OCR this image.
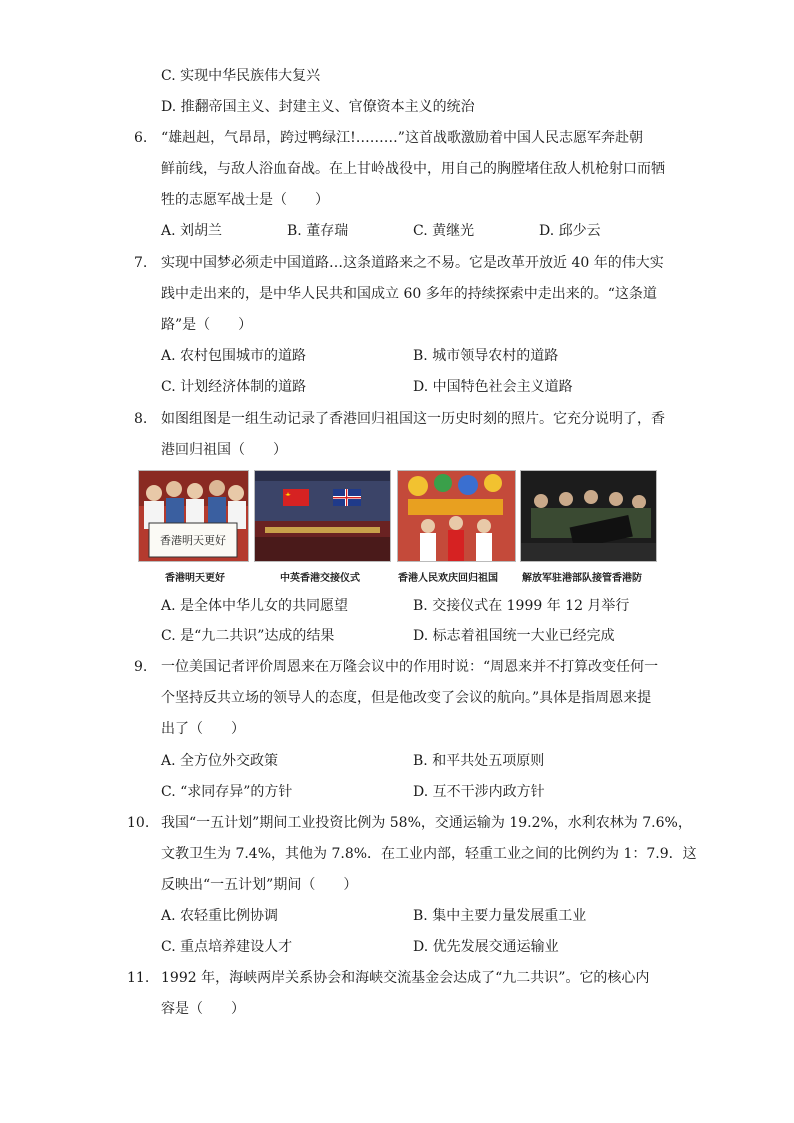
C. 实现中华民族伟大复兴
D. 推翻帝国主义、封建主义、官僚资本主义的统治
6. “雄赳赳，气昂昂，跨过鸭绿江!………”这首战歌激励着中国人民志愿军奔赴朝
鲜前线，与敌人浴血奋战。在上甘岭战役中，用自己的胸膛堵住敌人机枪射口而牺
牲的志愿军战士是（　　）
A. 刘胡兰	B. 董存瑞	C. 黄继光	D. 邱少云
7. 实现中国梦必须走中国道路…这条道路来之不易。它是改革开放近 40 年的伟大实
践中走出来的，是中华人民共和国成立 60 多年的持续探索中走出来的。“这条道
路”是（　　）
A. 农村包围城市的道路	B. 城市领导农村的道路
C. 计划经济体制的道路	D. 中国特色社会主义道路
8. 如图组图是一组生动记录了香港回归祖国这一历史时刻的照片。它充分说明了，香
港回归祖国（　　）
香港明天更好
香港明天更好	中英香港交接仪式	香港人民欢庆回归祖国 解放军驻港部队接管香港防
A. 是全体中华儿女的共同愿望	B. 交接仪式在 1999 年 12 月举行
C. 是“九二共识”达成的结果	D. 标志着祖国统一大业已经完成
9. 一位美国记者评价周恩来在万隆会议中的作用时说：“周恩来并不打算改变任何一
个坚持反共立场的领导人的态度，但是他改变了会议的航向。”具体是指周恩来提
出了（　　）
A. 全方位外交政策	B. 和平共处五项原则
C. “求同存异”的方针	D. 互不干涉内政方针
10. 我国“一五计划”期间工业投资比例为 58%，交通运输为 19.2%，水利农林为 7.6%，
文教卫生为 7.4%，其他为 7.8%．在工业内部，轻重工业之间的比例约为 1：7.9．这
反映出“一五计划”期间（　　）
A. 农轻重比例协调	B. 集中主要力量发展重工业
C. 重点培养建设人才	D. 优先发展交通运输业
11. 1992 年，海峡两岸关系协会和海峡交流基金会达成了“九二共识”。它的核心内
容是（　　）
